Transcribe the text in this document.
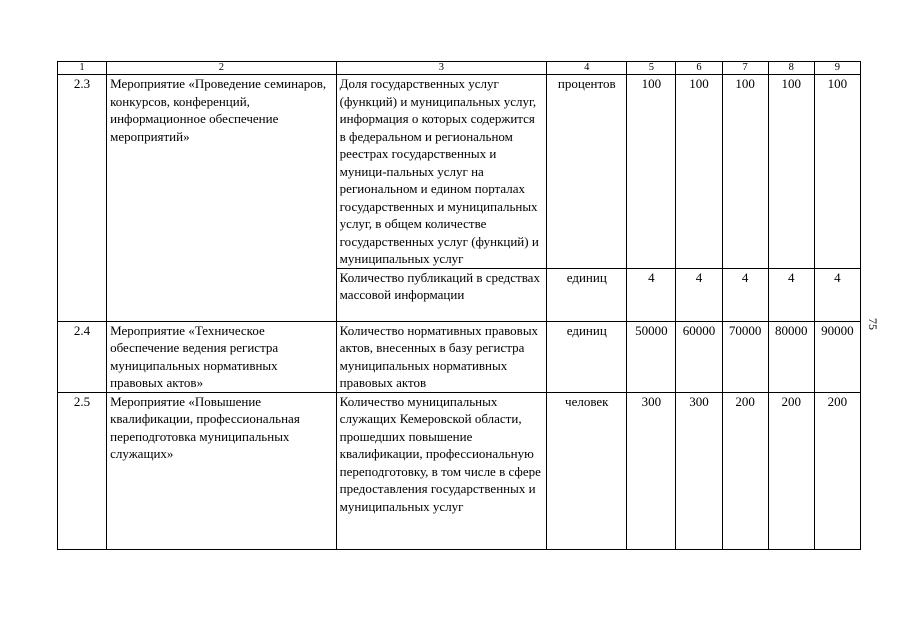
1	2	3	4	5	6	7	8	9
2.3	Мероприятие «Проведение семинаров, конкурсов, конференций, информационное обеспечение мероприятий»	Доля государственных услуг (функций) и муниципальных услуг, информация о которых содержится в федеральном и региональном реестрах государственных и муници-пальных услуг на региональном и едином порталах государственных и муниципальных услуг, в общем количестве государственных услуг (функций) и муниципальных услуг	процентов	100	100	100	100	100
		Количество публикаций в средствах массовой информации	единиц	4	4	4	4	4
2.4	Мероприятие «Техническое обеспечение ведения регистра муниципальных нормативных правовых актов»	Количество нормативных правовых актов, внесенных в базу регистра муниципальных нормативных правовых актов	единиц	50000	60000	70000	80000	90000
2.5	Мероприятие «Повышение квалификации, профессиональная переподготовка муниципальных служащих»	Количество муниципальных служащих Кемеровской области, прошедших повышение квалификации, профессиональную переподготовку, в том числе в сфере предоставления государственных и муниципальных услуг	человек	300	300	200	200	200
75
